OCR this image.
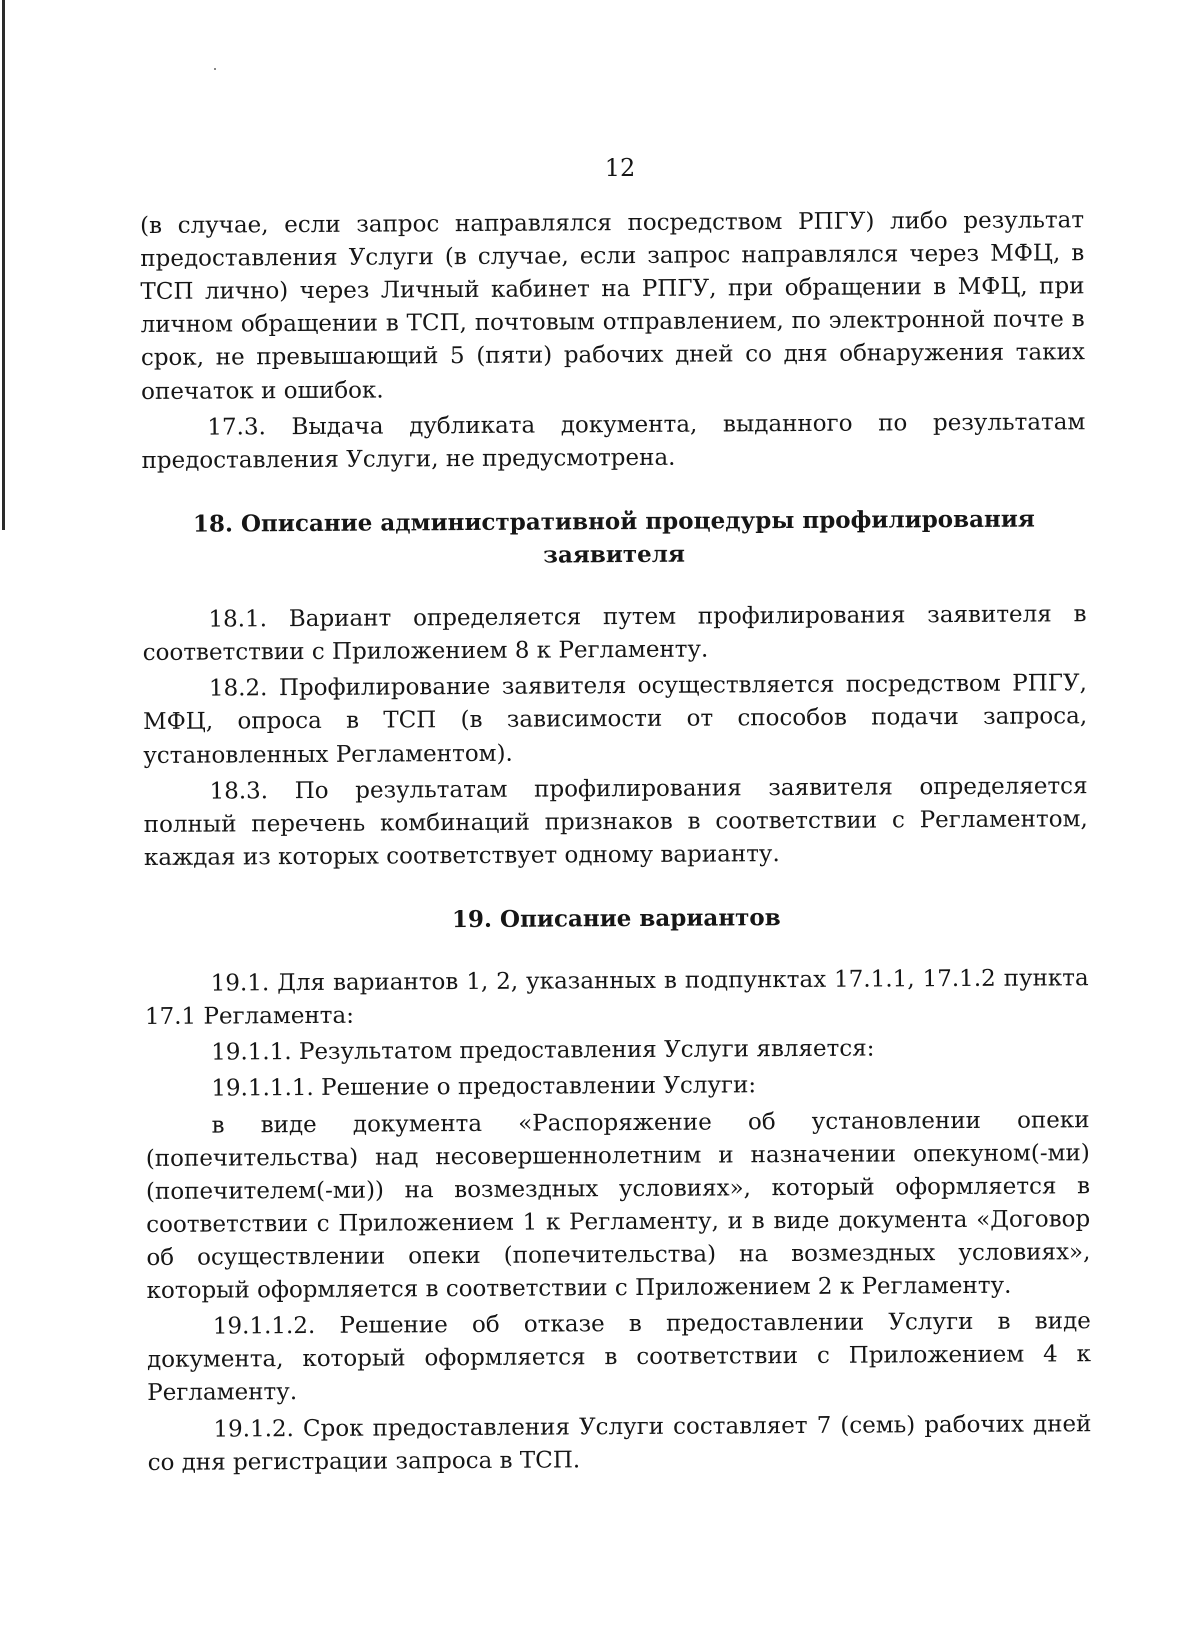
12

(в случае, если запрос направлялся посредством РПГУ) либо результат предоставления Услуги (в случае, если запрос направлялся через МФЦ, в ТСП лично) через Личный кабинет на РПГУ, при обращении в МФЦ, при личном обращении в ТСП, почтовым отправлением, по электронной почте в срок, не превышающий 5 (пяти) рабочих дней со дня обнаружения таких опечаток и ошибок.

17.3. Выдача дубликата документа, выданного по результатам предоставления Услуги, не предусмотрена.

18. Описание административной процедуры профилирования заявителя

18.1. Вариант определяется путем профилирования заявителя в соответствии с Приложением 8 к Регламенту.

18.2. Профилирование заявителя осуществляется посредством РПГУ, МФЦ, опроса в ТСП (в зависимости от способов подачи запроса, установленных Регламентом).

18.3. По результатам профилирования заявителя определяется полный перечень комбинаций признаков в соответствии с Регламентом, каждая из которых соответствует одному варианту.

19. Описание вариантов

19.1. Для вариантов 1, 2, указанных в подпунктах 17.1.1, 17.1.2 пункта 17.1 Регламента:

19.1.1. Результатом предоставления Услуги является:

19.1.1.1. Решение о предоставлении Услуги:

в виде документа «Распоряжение об установлении опеки (попечительства) над несовершеннолетним и назначении опекуном(-ми) (попечителем(-ми)) на возмездных условиях», который оформляется в соответствии с Приложением 1 к Регламенту, и в виде документа «Договор об осуществлении опеки (попечительства) на возмездных условиях», который оформляется в соответствии с Приложением 2 к Регламенту.

19.1.1.2. Решение об отказе в предоставлении Услуги в виде документа, который оформляется в соответствии с Приложением 4 к Регламенту.

19.1.2. Срок предоставления Услуги составляет 7 (семь) рабочих дней со дня регистрации запроса в ТСП.
